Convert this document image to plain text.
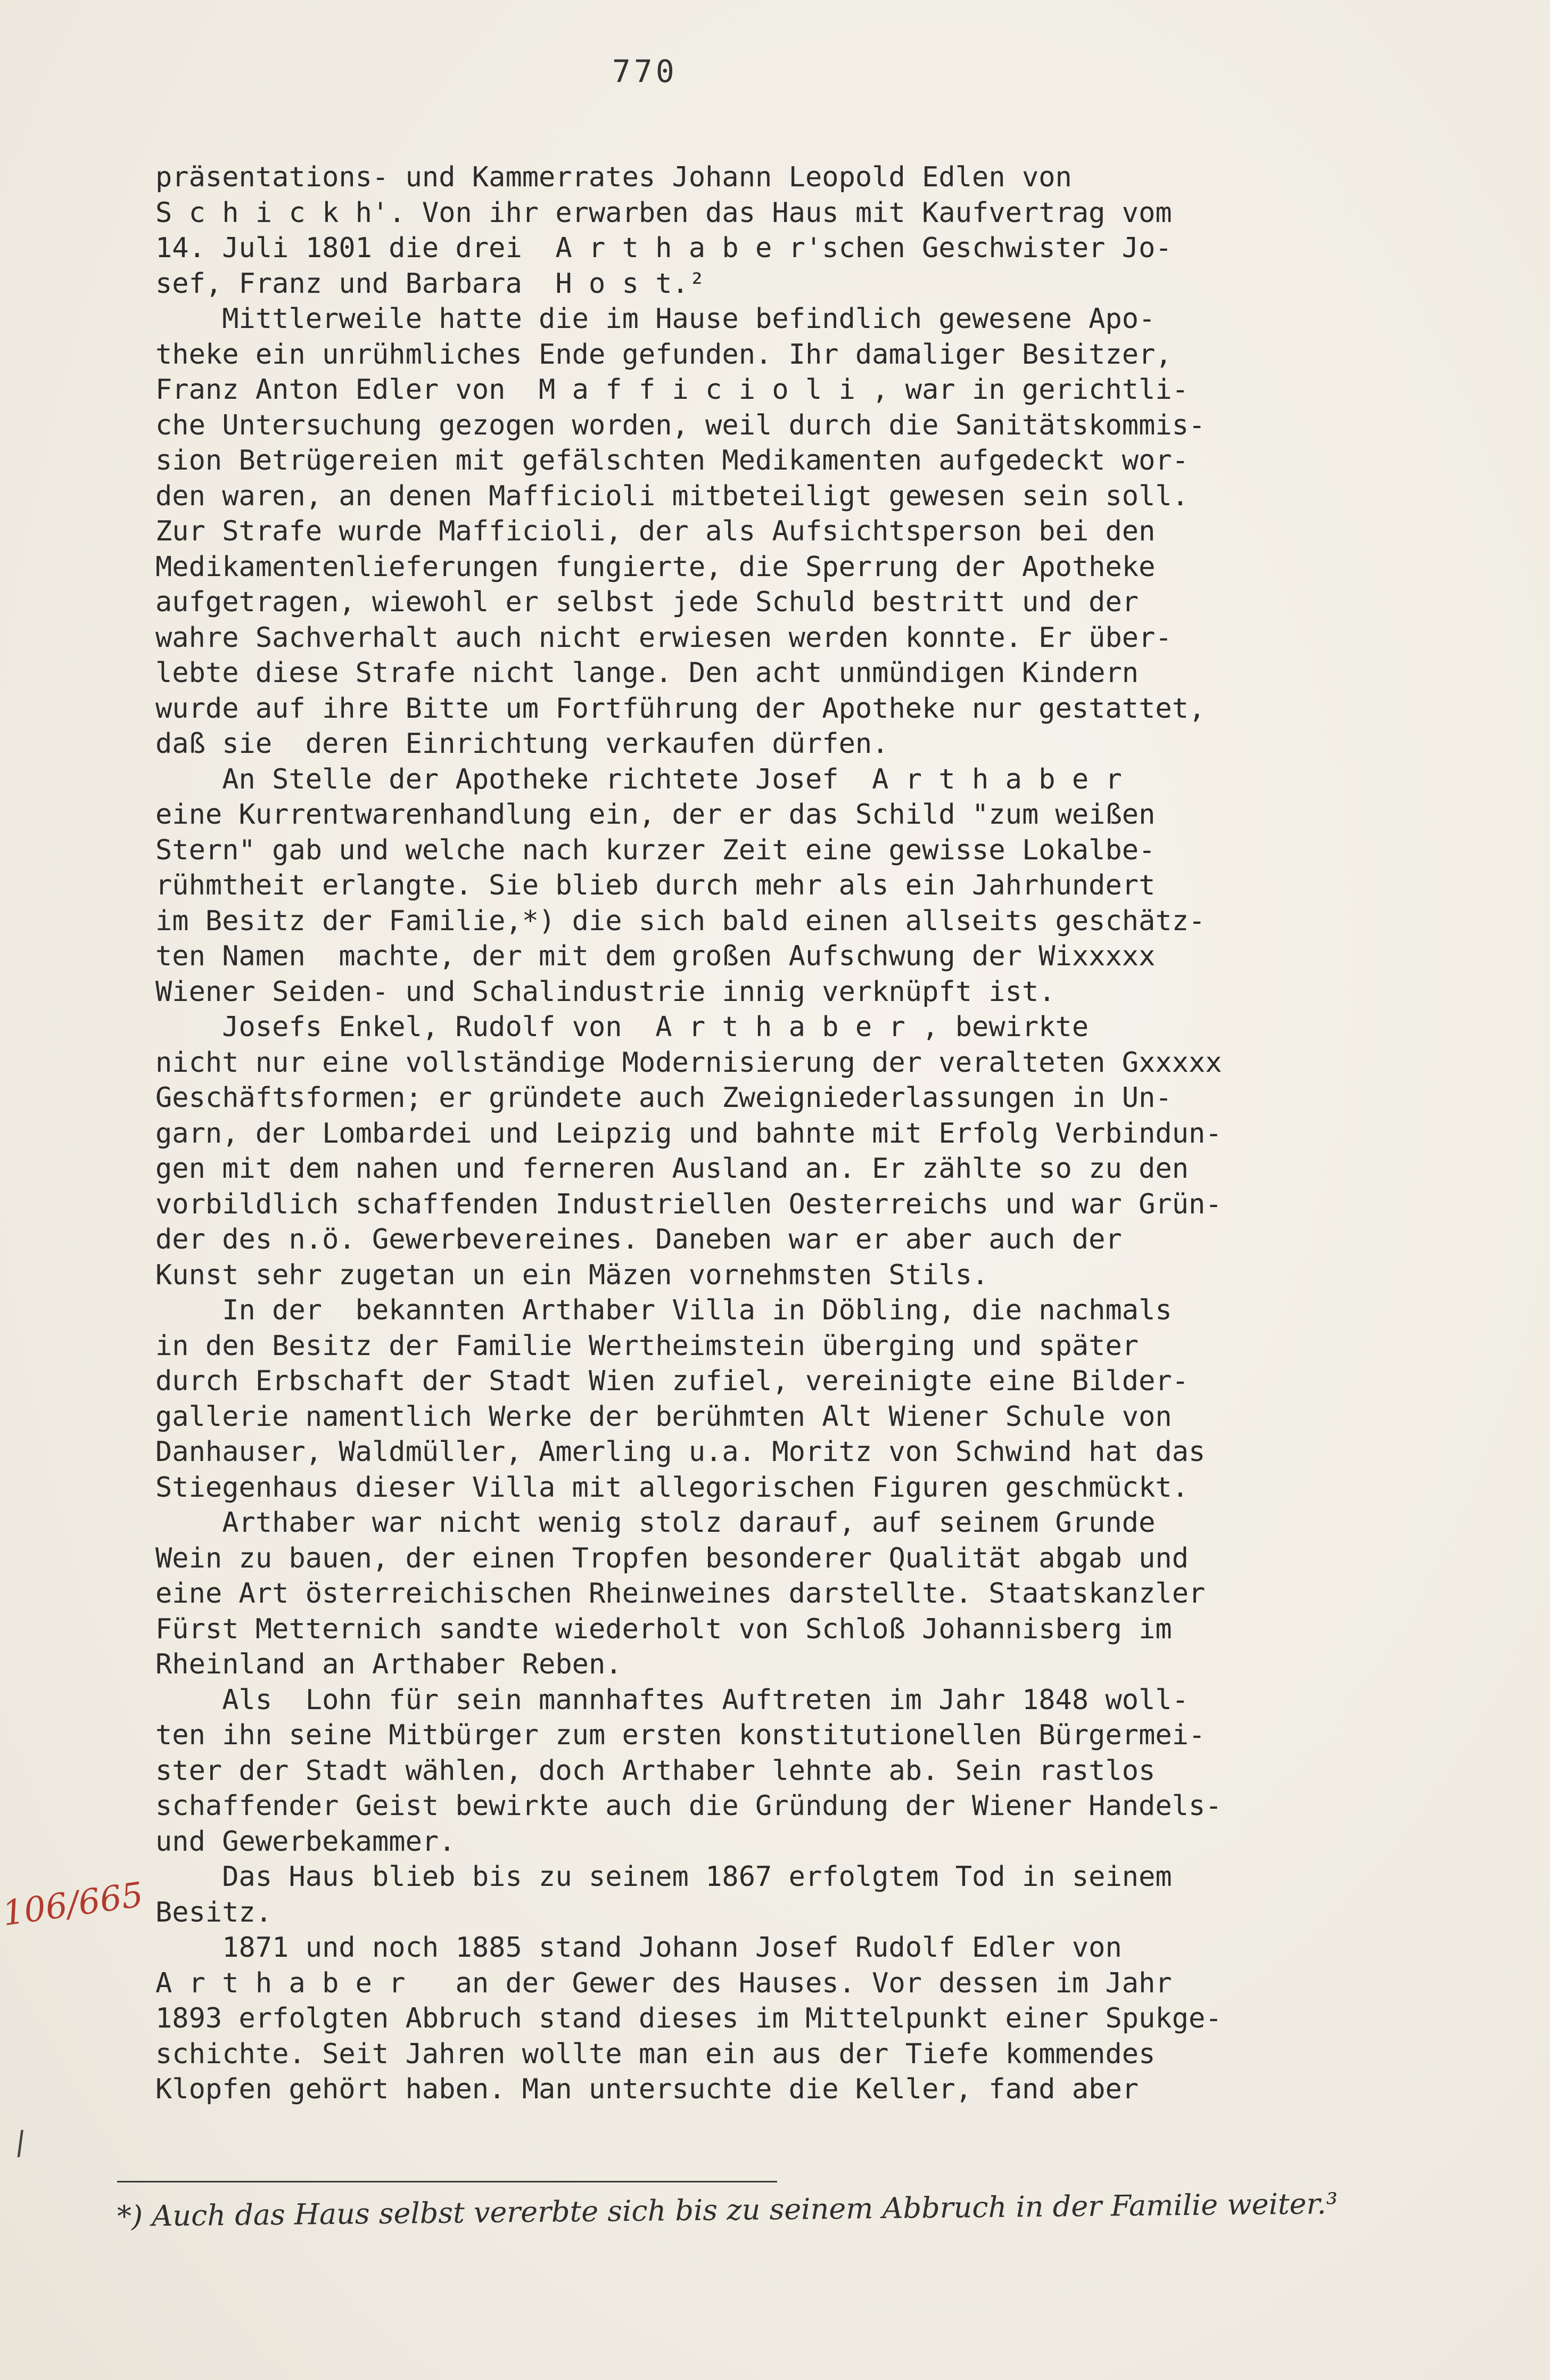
770
präsentations- und Kammerrates Johann Leopold Edlen von
S c h i c k h'. Von ihr erwarben das Haus mit Kaufvertrag vom
14. Juli 1801 die drei  A r t h a b e r'schen Geschwister Jo-
sef, Franz und Barbara  H o s t.²
Mittlerweile hatte die im Hause befindlich gewesene Apo-
theke ein unrühmliches Ende gefunden. Ihr damaliger Besitzer,
Franz Anton Edler von  M a f f i c i o l i , war in gerichtli-
che Untersuchung gezogen worden, weil durch die Sanitätskommis-
sion Betrügereien mit gefälschten Medikamenten aufgedeckt wor-
den waren, an denen Mafficioli mitbeteiligt gewesen sein soll.
Zur Strafe wurde Mafficioli, der als Aufsichtsperson bei den
Medikamentenlieferungen fungierte, die Sperrung der Apotheke
aufgetragen, wiewohl er selbst jede Schuld bestritt und der
wahre Sachverhalt auch nicht erwiesen werden konnte. Er über-
lebte diese Strafe nicht lange. Den acht unmündigen Kindern
wurde auf ihre Bitte um Fortführung der Apotheke nur gestattet,
daß sie  deren Einrichtung verkaufen dürfen.
An Stelle der Apotheke richtete Josef  A r t h a b e r
eine Kurrentwarenhandlung ein, der er das Schild "zum weißen
Stern" gab und welche nach kurzer Zeit eine gewisse Lokalbe-
rühmtheit erlangte. Sie blieb durch mehr als ein Jahrhundert
im Besitz der Familie,*) die sich bald einen allseits geschätz-
ten Namen  machte, der mit dem großen Aufschwung der Wixxxxx
Wiener Seiden- und Schalindustrie innig verknüpft ist.
Josefs Enkel, Rudolf von  A r t h a b e r , bewirkte
nicht nur eine vollständige Modernisierung der veralteten Gxxxxx
Geschäftsformen; er gründete auch Zweigniederlassungen in Un-
garn, der Lombardei und Leipzig und bahnte mit Erfolg Verbindun-
gen mit dem nahen und ferneren Ausland an. Er zählte so zu den
vorbildlich schaffenden Industriellen Oesterreichs und war Grün-
der des n.ö. Gewerbevereines. Daneben war er aber auch der
Kunst sehr zugetan un ein Mäzen vornehmsten Stils.
In der  bekannten Arthaber Villa in Döbling, die nachmals
in den Besitz der Familie Wertheimstein überging und später
durch Erbschaft der Stadt Wien zufiel, vereinigte eine Bilder-
gallerie namentlich Werke der berühmten Alt Wiener Schule von
Danhauser, Waldmüller, Amerling u.a. Moritz von Schwind hat das
Stiegenhaus dieser Villa mit allegorischen Figuren geschmückt.
Arthaber war nicht wenig stolz darauf, auf seinem Grunde
Wein zu bauen, der einen Tropfen besonderer Qualität abgab und
eine Art österreichischen Rheinweines darstellte. Staatskanzler
Fürst Metternich sandte wiederholt von Schloß Johannisberg im
Rheinland an Arthaber Reben.
Als  Lohn für sein mannhaftes Auftreten im Jahr 1848 woll-
ten ihn seine Mitbürger zum ersten konstitutionellen Bürgermei-
ster der Stadt wählen, doch Arthaber lehnte ab. Sein rastlos
schaffender Geist bewirkte auch die Gründung der Wiener Handels-
und Gewerbekammer.
Das Haus blieb bis zu seinem 1867 erfolgtem Tod in seinem
Besitz.
1871 und noch 1885 stand Johann Josef Rudolf Edler von
A r t h a b e r   an der Gewer des Hauses. Vor dessen im Jahr
1893 erfolgten Abbruch stand dieses im Mittelpunkt einer Spukge-
schichte. Seit Jahren wollte man ein aus der Tiefe kommendes
Klopfen gehört haben. Man untersuchte die Keller, fand aber
106/665
/
*) Auch das Haus selbst vererbte sich bis zu seinem Abbruch in der Familie weiter.³
